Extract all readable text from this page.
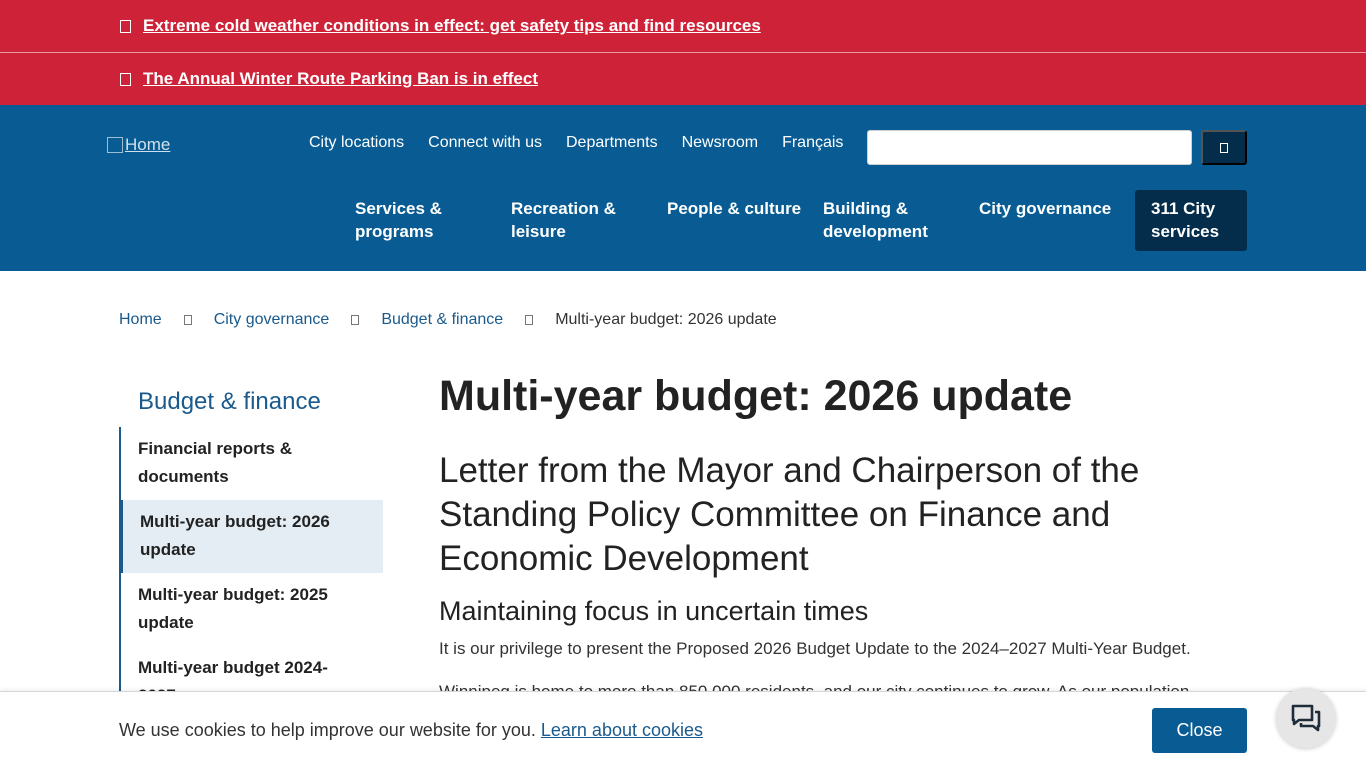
Extreme cold weather conditions in effect: get safety tips and find resources
The Annual Winter Route Parking Ban is in effect
Home	City locations Connect with us Departments Newsroom Français
Services & programs
Recreation & leisure
People & culture	Building & development
City governance	311 City services
Home	City governance	Budget & finance	Multi-year budget: 2026 update
Budget & finance
Financial reports & documents
Multi-year budget: 2026 update
Multi-year budget: 2025 update
Multi-year budget 2024-
Multi-year budget: 2026 update
Letter from the Mayor and Chairperson of the Standing Policy Committee on Finance and Economic Development
Maintaining focus in uncertain times

It is our privilege to present the Proposed 2026 Budget Update to the 2024–2027 Multi-Year Budget.

We use cookies to help improve our website for you. Learn about cookies	Close
